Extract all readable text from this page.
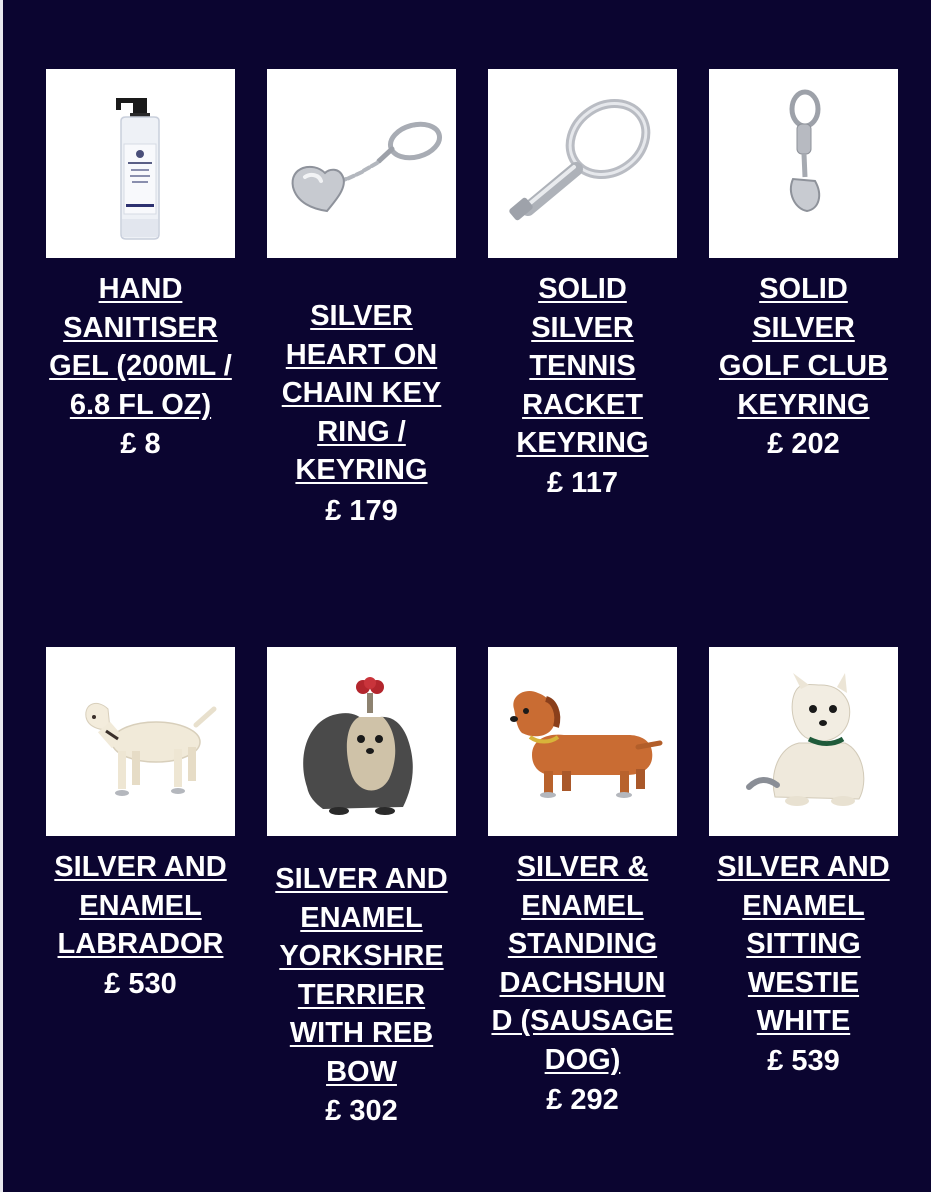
HAND
SANITISER
GEL (200ML /
6.8 FL OZ)
£ 8
SILVER
HEART ON
CHAIN KEY
RING /
KEYRING
£ 179
SOLID
SILVER
TENNIS
RACKET
KEYRING
£ 117
SOLID
SILVER
GOLF CLUB
KEYRING
£ 202
SILVER AND
ENAMEL
LABRADOR
£ 530
SILVER AND
ENAMEL
YORKSHRE
TERRIER
WITH REB
BOW
£ 302
SILVER &
ENAMEL
STANDING
DACHSHUN
D (SAUSAGE
DOG)
£ 292
SILVER AND
ENAMEL
SITTING
WESTIE
WHITE
£ 539
